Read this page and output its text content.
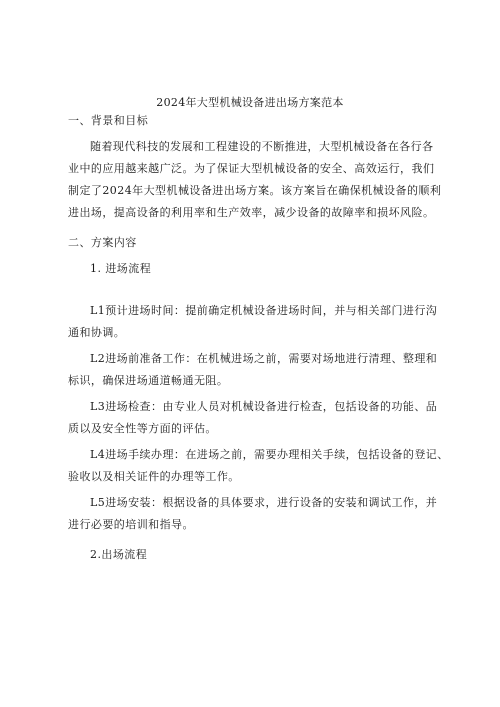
2024年大型机械设备进出场方案范本
一、背景和目标
随着现代科技的发展和工程建设的不断推进，大型机械设备在各行各
业中的应用越来越广泛。为了保证大型机械设备的安全、高效运行，我们
制定了2024年大型机械设备进出场方案。该方案旨在确保机械设备的顺利
进出场，提高设备的利用率和生产效率，减少设备的故障率和损坏风险。
二、方案内容
1. 进场流程
L1预计进场时间：提前确定机械设备进场时间，并与相关部门进行沟
通和协调。
L2进场前准备工作：在机械进场之前，需要对场地进行清理、整理和
标识，确保进场通道畅通无阻。
L3进场检查：由专业人员对机械设备进行检查，包括设备的功能、品
质以及安全性等方面的评估。
L4进场手续办理：在进场之前，需要办理相关手续，包括设备的登记、
验收以及相关证件的办理等工作。
L5进场安装：根据设备的具体要求，进行设备的安装和调试工作，并
进行必要的培训和指导。
2.出场流程
